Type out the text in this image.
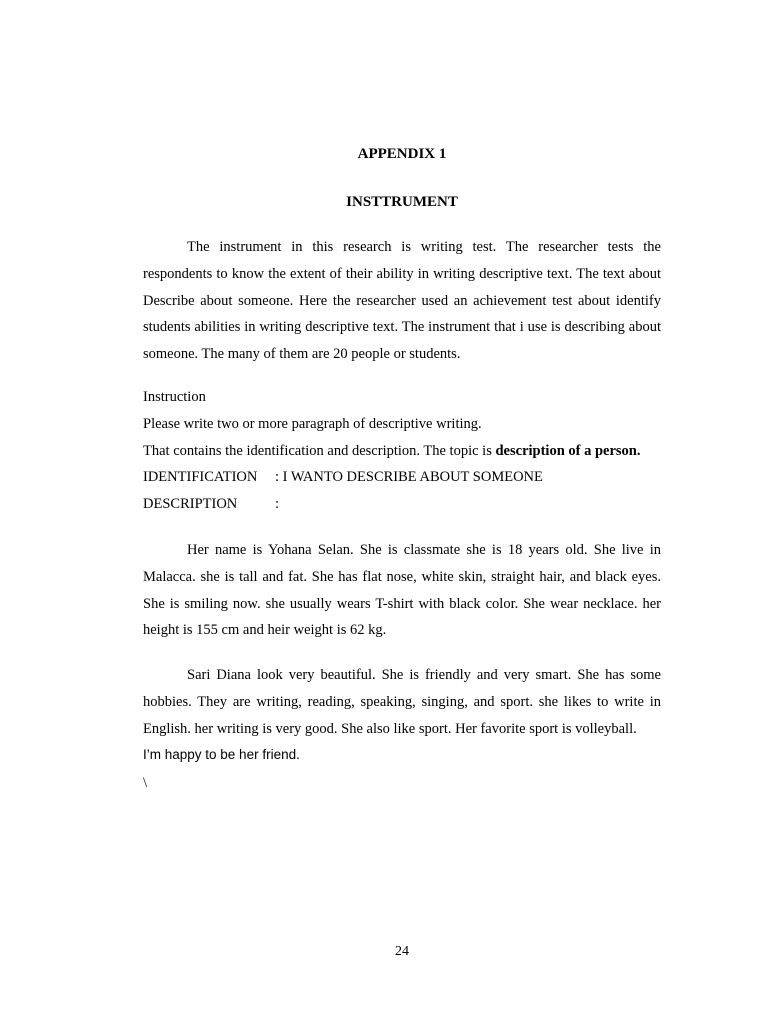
APPENDIX 1
INSTTRUMENT

The instrument in this research is writing test. The researcher tests the respondents to know the extent of their ability in writing descriptive text. The text about Describe about someone. Here the researcher used an achievement test about identify students abilities in writing descriptive text. The instrument that i use is describing about someone. The many of them are 20 people or students.

Instruction

Please write two or more paragraph of descriptive writing.

That contains the identification and description. The topic is description of a person.

IDENTIFICATION : I WANTO DESCRIBE ABOUT SOMEONE

DESCRIPTION	:

Her name is Yohana Selan. She is classmate she is 18 years old. She live in Malacca. she is tall and fat. She has flat nose, white skin, straight hair, and black eyes. She is smiling now. she usually wears T-shirt with black color. She wear necklace. her height is 155 cm and heir weight is 62 kg.

Sari Diana look very beautiful. She is friendly and very smart. She has some hobbies. They are writing, reading, speaking, singing, and sport. she likes to write in English. her writing is very good. She also like sport. Her favorite sport is volleyball.

I’m happy to be her friend.

\

24
